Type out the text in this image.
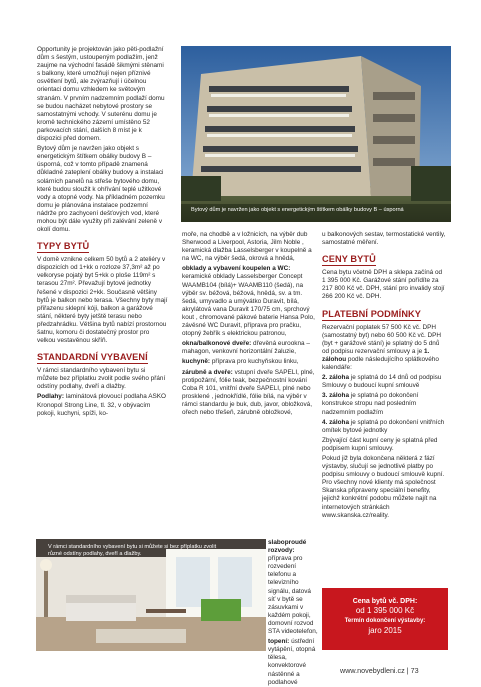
Opportunity je projektován jako pěti-podlažní dům s šestým, ustoupeným podlažím, jenž zaujme na východní fasádě šikmými stěnami s balkony, které umožňují nejen příznivé osvětlení bytů, ale zvýrazňují i účelnou orientaci domu vzhledem ke světovým stranám. V prvním nadzemním podlaží domu se budou nacházet nebytové prostory se samostatnými vchody. V suterénu domu je kromě technického zázemí umístěno 52 parkovacích stání, dalších 8 míst je k dispozici před domem.

Bytový dům je navržen jako objekt s energetickým štítkem obálky budovy B – úsporná, což v tomto případě znamená důkladné zateplení obálky budovy a instalaci solárních panelů na střeše bytového domu, které budou sloužit k ohřívání teplé užitkové vody a otopné vody. Na příkladném pozemku domu je plánována instalace podzemní nádrže pro zachycení dešťových vod, které mohou být dále využity při zalévání zeleně v okolí domu.

TYPY BYTŮ

V domě vznikne celkem 50 bytů a 2 ateliéry v dispozicích od 1+kk o rozloze 37,3m² až po velkoryse pojatý byt 5+kk o ploše 119m² s terasou 27m². Převažují bytové jednotky řešené v dispozici 2+kk. Současně většiny bytů je balkon nebo terasa. Všechny byty mají přiřazenu sklepní kóji, balkon a garážové stání, některé byty jetště terasu nebo předzahrádku. Většina bytů nabízí prostornou šatnu, komoru či dostatečný prostor pro velkou vestavěnou skříň.

STANDARDNÍ VYBAVENÍ

V rámci standardního vybavení bytu si můžete bez příplatku zvolit podle svého přání odstíny podlahy, dveří a dlažby.

Podlahy: laminátová plovoucí podlaha ASKO Kronopol Strong Line, tl. 32, v obývacím pokoji, kuchyni, spíži, ko-

Bytový dům je navržen jako objekt s energetickým štítkem obálky budovy B – úsporná

moře, na chodbě a v ložnicích, na výběr dub Sherwood a Liverpool, Astoria, Jilm Noble , keramická dlažba Lasselsberger v koupelně a na WC, na výběr šedá, okrová a hnědá,

obklady a vybavení koupelen a WC: keramické obklady Lasselsberger Concept WAAMB104 (bílá)+ WAAMB110 (šedá), na výběr sv. béžová, béžová, hnědá, sv. a tm. šedá, umyvadlo a umývátko Duravit, bílá, akrylátová vana Duravit 170/75 cm, sprchový kout , chromované pákové baterie Hansa Polo, závěsné WC Duravit, příprava pro pračku, otopný žebřík s elektrickou patronou,

okna/balkonové dveře: dřevěná eurookna – mahagon, venkovní horizontální žaluzie,

kuchyně: příprava pro kuchyňskou linku,

zárubně a dveře: vstupní dveře SAPELI, plné, protipožární, fólie teak, bezpečnostní kování Coba R 101, vnitřní dveře SAPELI, plné nebo prosklené , jednokřídlé, fólie bílá, na výběr v rámci standardu je buk, dub, javor, obložková, ořech nebo třešeň, zárubně obložkové,

slaboproudé rozvody: příprava pro rozvedení telefonu a televizního signálu, datová síť v bytě se zásuvkami v každém pokoji, domovní rozvod STA videotelefon,

topení: ústřední vytápění, otopná tělesa, konvektorové nástěnné a podlahové

V rámci standardního vybavení bytu si můžete si bez příplatku zvolit různé odstíny podlahy, dveří a dlažby.

u balkonových sestav, termostatické ventily, samostatné měření.

CENY BYTŮ

Cena bytu včetně DPH a sklepa začíná od 1 395 000 Kč. Garážové stání pořídíte za 217 800 Kč vč. DPH, stání pro invalidy stojí 266 200 Kč vč. DPH.

PLATEBNÍ PODMÍNKY

Rezervační poplatek 57 500 Kč vč. DPH (samostatný byt) nebo 60 500 Kč vč. DPH (byt + garážové stání) je splatný do 5 dnů od podpisu rezervační smlouvy a je 1. zálohou podle následujícího splátkového kalendáře:

2. záloha je splatná do 14 dnů od podpisu Smlouvy o budoucí kupní smlouvě

3. záloha je splatná po dokončení konstrukce stropu nad posledním nadzemním podlažím

4. záloha je splatná po dokončení vnitřních omítek bytové jednotky

Zbývající část kupní ceny je splatná před podpisem kupní smlouvy.

Pokud již byla dokončena některá z fází výstavby, slučují se jednotlivé platby po podpisu smlouvy o budoucí smlouvě kupní. Pro všechny nové klienty má společnost Skanska připraveny speciální benefity, jejichž konkrétní podobu můžete najít na internetových stránkách www.skanska.cz/reality.

Cena bytů vč. DPH:
od 1 395 000 Kč
Termín dokončení výstavby:
jaro 2015
www.novebydleni.cz | 73
